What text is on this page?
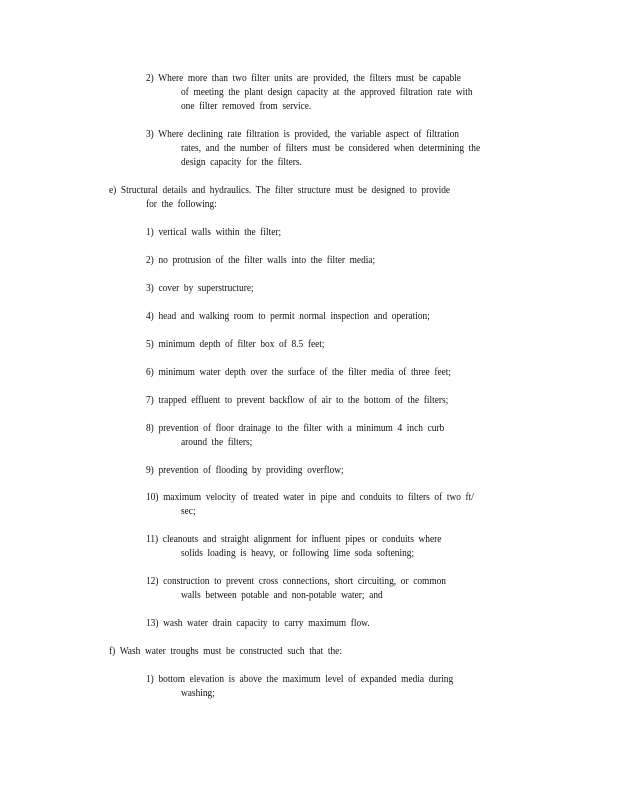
2) Where more than two filter units are provided, the filters must be capable
of meeting the plant design capacity at the approved filtration rate with
one filter removed from service.
3) Where declining rate filtration is provided, the variable aspect of filtration
rates, and the number of filters must be considered when determining the
design capacity for the filters.
e) Structural details and hydraulics. The filter structure must be designed to provide
for the following:
1) vertical walls within the filter;
2) no protrusion of the filter walls into the filter media;
3) cover by superstructure;
4) head and walking room to permit normal inspection and operation;
5) minimum depth of filter box of 8.5 feet;
6) minimum water depth over the surface of the filter media of three feet;
7) trapped effluent to prevent backflow of air to the bottom of the filters;
8) prevention of floor drainage to the filter with a minimum 4 inch curb
around the filters;
9) prevention of flooding by providing overflow;
10) maximum velocity of treated water in pipe and conduits to filters of two ft/
sec;
11) cleanouts and straight alignment for influent pipes or conduits where
solids loading is heavy, or following lime soda softening;
12) construction to prevent cross connections, short circuiting, or common
walls between potable and non-potable water; and
13) wash water drain capacity to carry maximum flow.
f) Wash water troughs must be constructed such that the:
1) bottom elevation is above the maximum level of expanded media during
washing;
